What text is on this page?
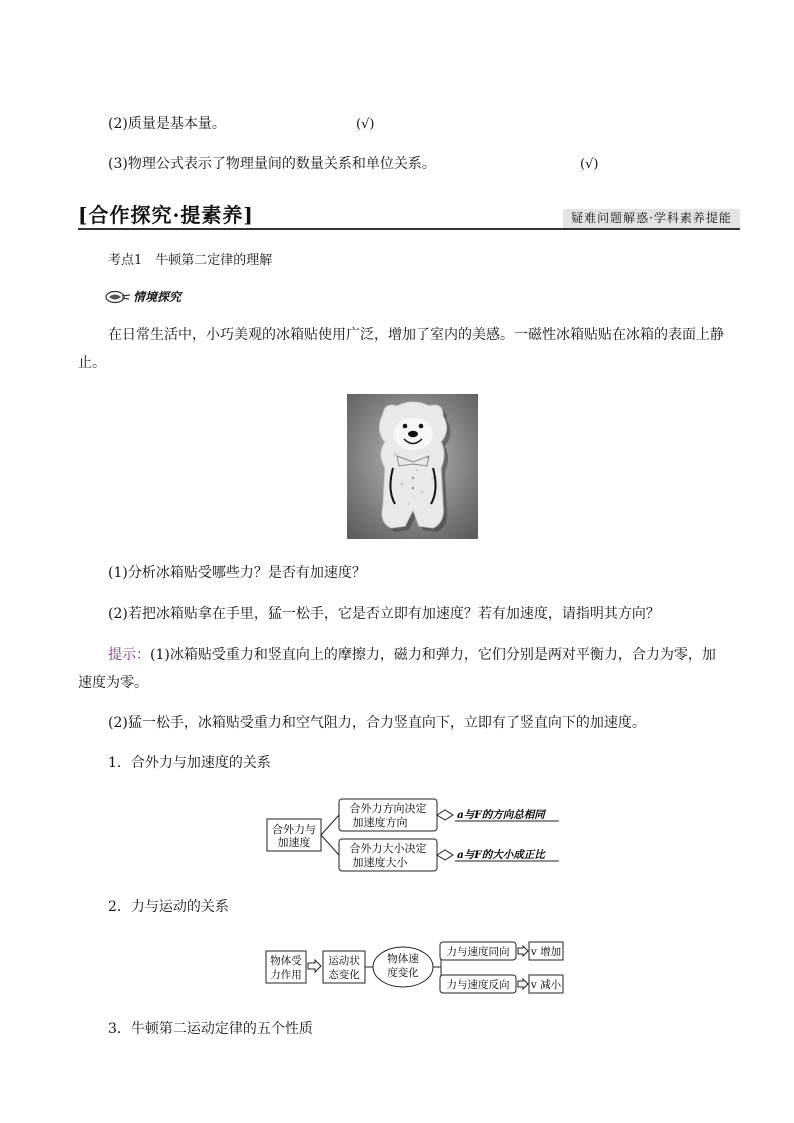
(2)质量是基本量。	(√)
(3)物理公式表示了物理量间的数量关系和单位关系。	(√)
[合作探究·提素养]	疑难问题解惑·学科素养提能
考点1　牛顿第二定律的理解
情境探究
在日常生活中，小巧美观的冰箱贴使用广泛，增加了室内的美感。一磁性冰箱贴贴在冰箱的表面上静
止。
(1)分析冰箱贴受哪些力？是否有加速度？
(2)若把冰箱贴拿在手里，猛一松手，它是否立即有加速度？若有加速度，请指明其方向？
提示：(1)冰箱贴受重力和竖直向上的摩擦力，磁力和弹力，它们分别是两对平衡力，合力为零，加
速度为零。
(2)猛一松手，冰箱贴受重力和空气阻力，合力竖直向下，立即有了竖直向下的加速度。
1．合外力与加速度的关系
合外力与
加速度
合外力方向决定
加速度方向
合外力大小决定
加速度大小
a与F的方向总相同
a与F的大小成正比
2．力与运动的关系
物体受
力作用
运动状
态变化
物体速
度变化
力与速度同向
力与速度反向
v 增加
v 减小
3．牛顿第二运动定律的五个性质
